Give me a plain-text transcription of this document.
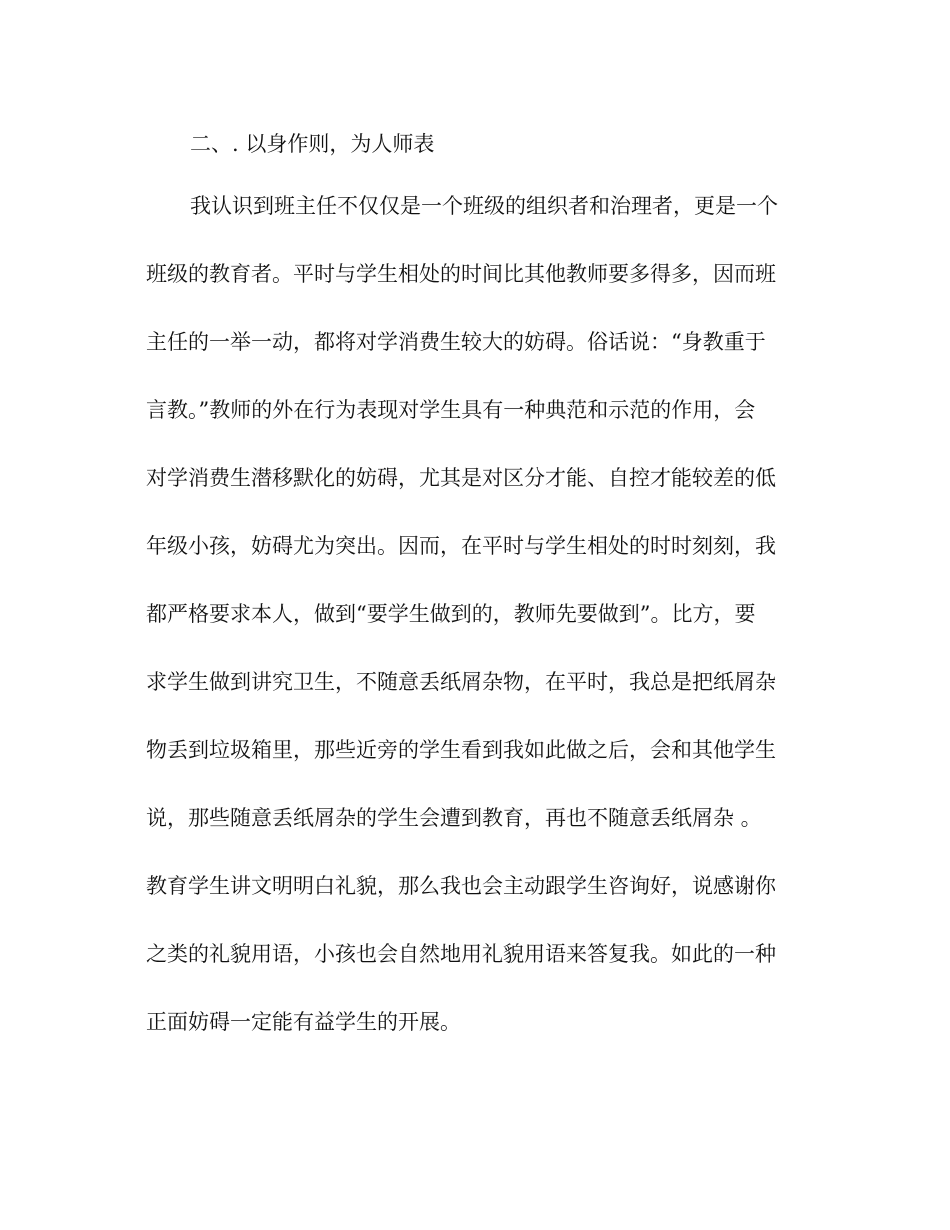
二、. 以身作则，为人师表
我认识到班主任不仅仅是一个班级的组织者和治理者，更是一个
班级的教育者。平时与学生相处的时间比其他教师要多得多，因而班
主任的一举一动，都将对学消费生较大的妨碍。俗话说：“身教重于
言教。”教师的外在行为表现对学生具有一种典范和示范的作用，会
对学消费生潜移默化的妨碍，尤其是对区分才能、自控才能较差的低
年级小孩，妨碍尤为突出。因而，在平时与学生相处的时时刻刻，我
都严格要求本人，做到“要学生做到的，教师先要做到”。比方，要
求学生做到讲究卫生，不随意丢纸屑杂物，在平时，我总是把纸屑杂
物丢到垃圾箱里，那些近旁的学生看到我如此做之后，会和其他学生
说，那些随意丢纸屑杂的学生会遭到教育，再也不随意丢纸屑杂 。
教育学生讲文明明白礼貌，那么我也会主动跟学生咨询好，说感谢你
之类的礼貌用语，小孩也会自然地用礼貌用语来答复我。如此的一种
正面妨碍一定能有益学生的开展。
